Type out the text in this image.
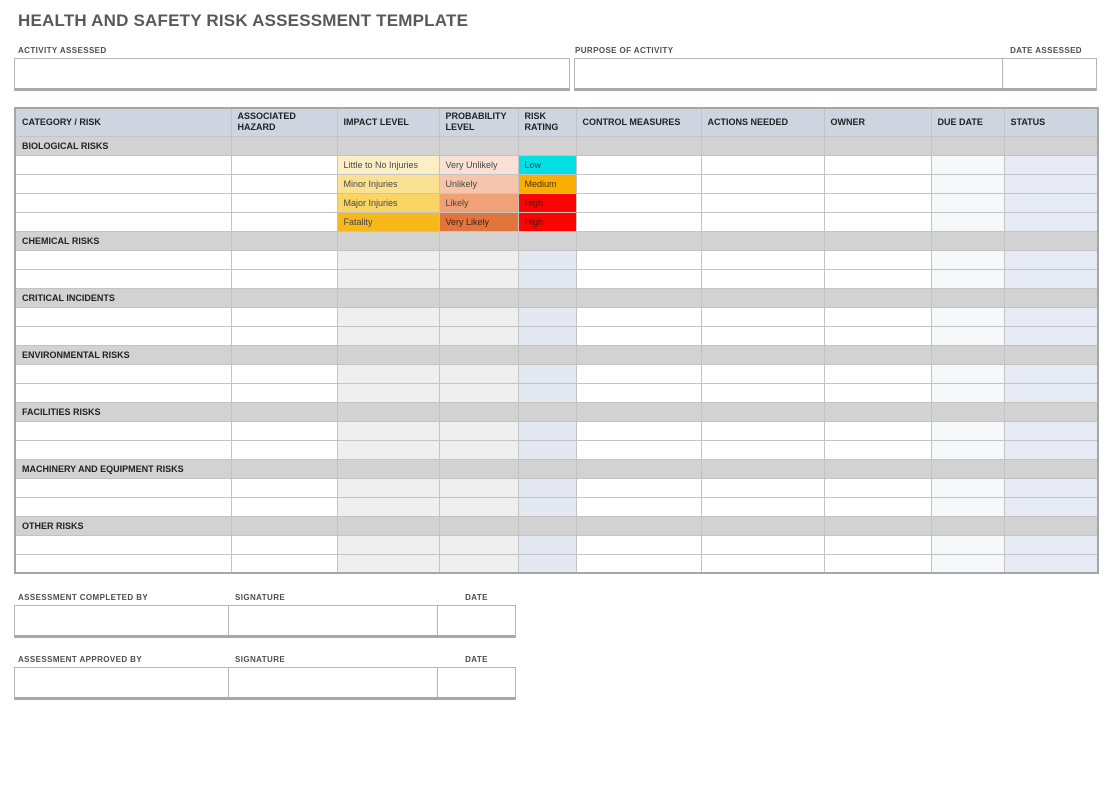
HEALTH AND SAFETY RISK ASSESSMENT TEMPLATE
ACTIVITY ASSESSED	PURPOSE OF ACTIVITY	DATE ASSESSED
CATEGORY / RISK	ASSOCIATED HAZARD	IMPACT LEVEL	PROBABILITY LEVEL	RISK RATING	CONTROL MEASURES	ACTIONS NEEDED	OWNER	DUE DATE	STATUS
BIOLOGICAL RISKS									
		Little to No Injuries	Very Unlikely	Low					
		Minor Injuries	Unlikely	Medium					
		Major Injuries	Likely	High					
		Fatality	Very Likely	High					
CHEMICAL RISKS									

CRITICAL INCIDENTS									

ENVIRONMENTAL RISKS									

FACILITIES RISKS									

MACHINERY AND EQUIPMENT RISKS									

OTHER RISKS									

ASSESSMENT COMPLETED BY	SIGNATURE	DATE
ASSESSMENT APPROVED BY	SIGNATURE	DATE
